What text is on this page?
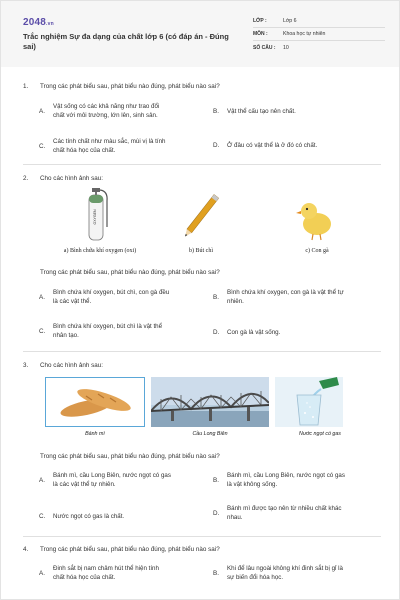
2048.vn
Trắc nghiệm Sự đa dạng của chất lớp 6 (có đáp án - Đúng sai)
LỚP :	Lớp 6
MÔN :	Khoa học tự nhiên
SỐ CÂU :	10
1.	Trong các phát biểu sau, phát biểu nào đúng, phát biểu nào sai?
A.
Vật sống có các khả năng như trao đổi
chất với môi trường, lớn lên, sinh sản.
B.	Vật thể cấu tạo nên chất.
C.
Các tính chất như màu sắc, mùi vị là tính
chất hóa học của chất.
D.	Ở đâu có vật thể là ở đó có chất.
2.	Cho các hình ảnh sau:
OXYGEN
a) Bình chứa khí oxygen (oxi)	b) Bút chì	c) Con gà
Trong các phát biểu sau, phát biểu nào đúng, phát biểu nào sai?
A.
Bình chứa khí oxygen, bút chì, con gà đều
là các vật thể.
B.
Bình chứa khí oxygen, con gà là vật thể tự
nhiên.
C.
Bình chứa khí oxygen, bút chì là vật thể
nhân tạo.	D.	Con gà là vật sống.
3.	Cho các hình ảnh sau:
Bánh mì	Cầu Long Biên	Nước ngọt có gas
Trong các phát biểu sau, phát biểu nào đúng, phát biểu nào sai?
A.
Bánh mì, cầu Long Biên, nước ngọt có gas
là các vật thể tự nhiên.
B.
Bánh mì, cầu Long Biên, nước ngọt có gas
là vật không sống.
C.	Nước ngọt có gas là chất.	D.
Bánh mì được tạo nên từ nhiều chất khác
nhau.
4.	Trong các phát biểu sau, phát biểu nào đúng, phát biểu nào sai?
A.
Đinh sắt bị nam châm hút thể hiện tính
chất hóa học của chất.
B.
Khi để lâu ngoài không khí đinh sắt bị gỉ là
sự biến đổi hóa học.
